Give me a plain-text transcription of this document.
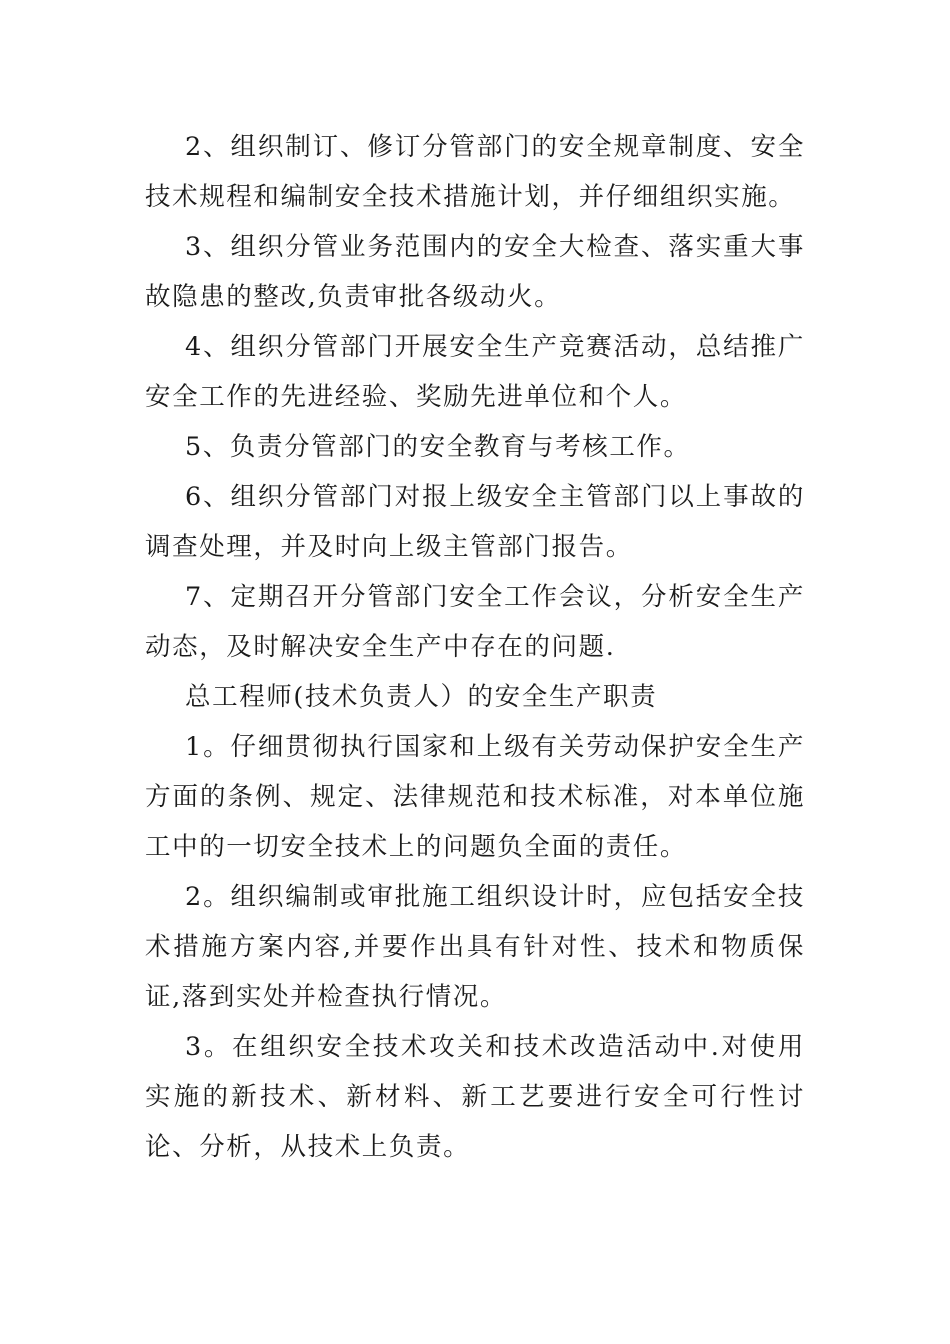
2、组织制订、修订分管部门的安全规章制度、安全技术规程和编制安全技术措施计划，并仔细组织实施。

3、组织分管业务范围内的安全大检查、落实重大事故隐患的整改,负责审批各级动火。

4、组织分管部门开展安全生产竞赛活动，总结推广安全工作的先进经验、奖励先进单位和个人。

5、负责分管部门的安全教育与考核工作。

6、组织分管部门对报上级安全主管部门以上事故的调查处理，并及时向上级主管部门报告。

7、定期召开分管部门安全工作会议，分析安全生产动态，及时解决安全生产中存在的问题.

总工程师(技术负责人）的安全生产职责

1。仔细贯彻执行国家和上级有关劳动保护安全生产方面的条例、规定、法律规范和技术标准，对本单位施工中的一切安全技术上的问题负全面的责任。

2。组织编制或审批施工组织设计时，应包括安全技术措施方案内容,并要作出具有针对性、技术和物质保证,落到实处并检查执行情况。

3。在组织安全技术攻关和技术改造活动中.对使用实施的新技术、新材料、新工艺要进行安全可行性讨论、分析，从技术上负责。
